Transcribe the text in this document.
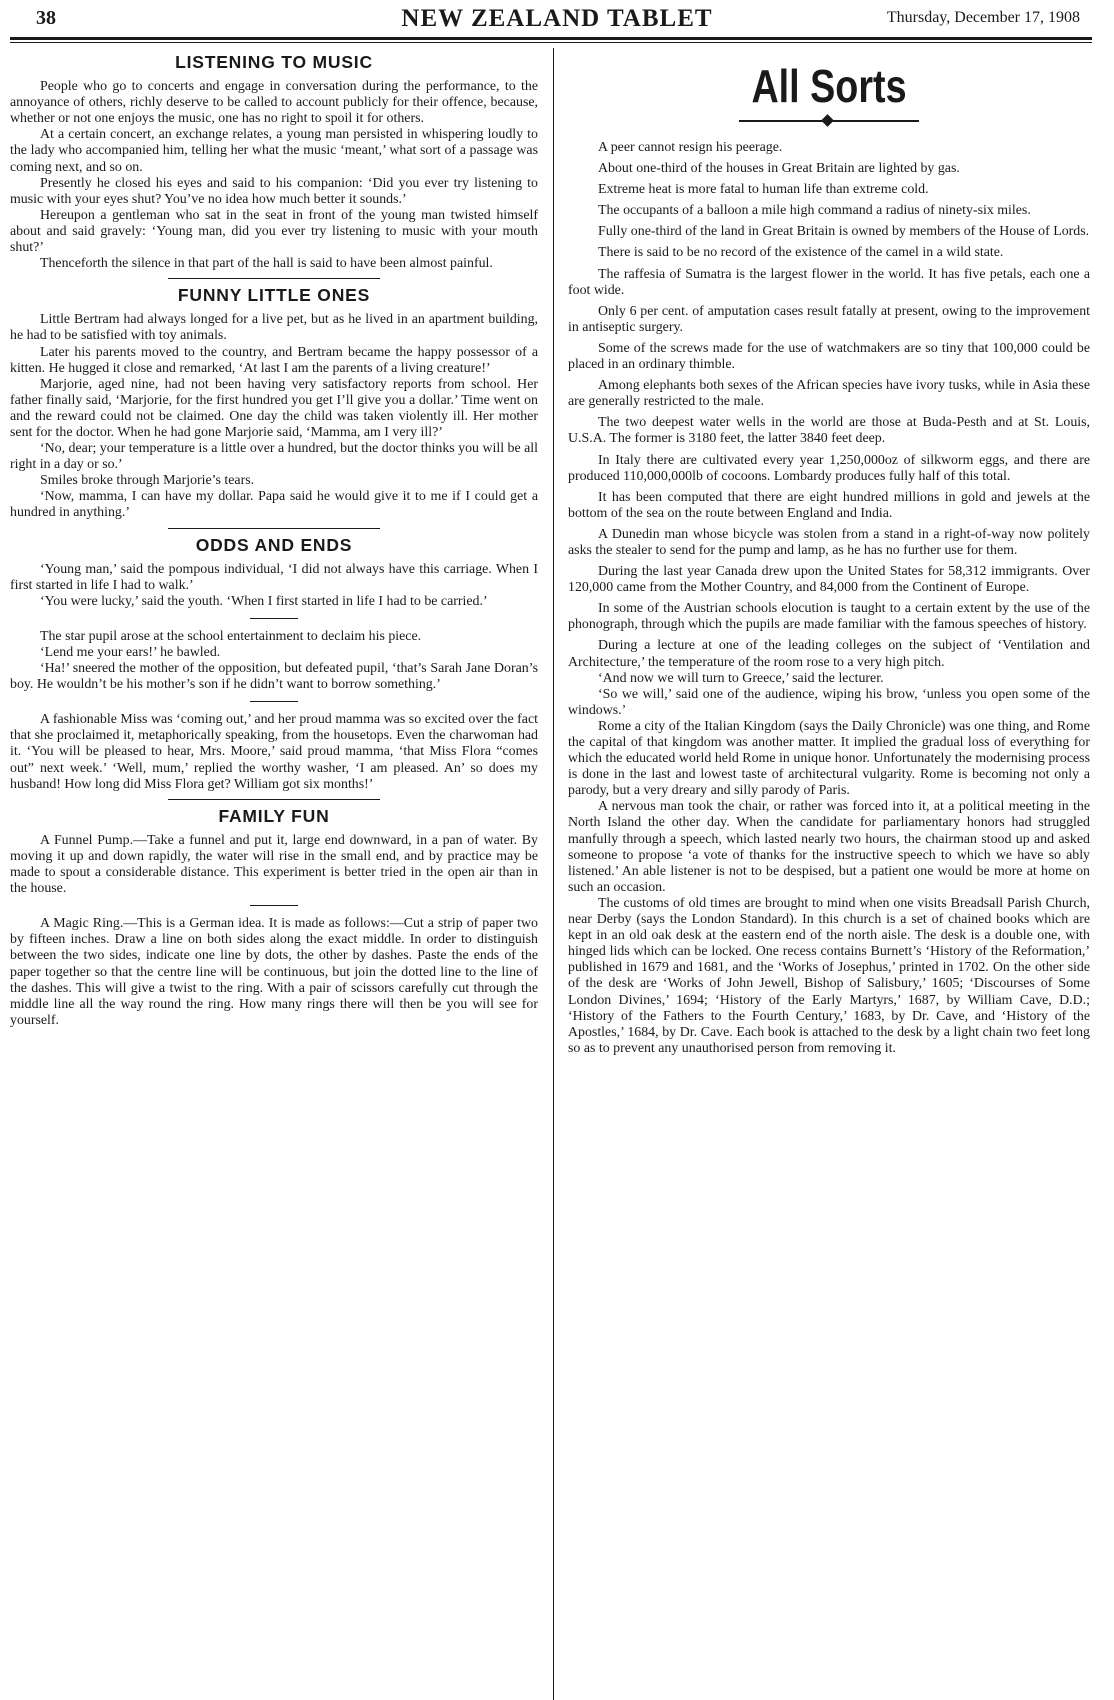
38	NEW ZEALAND TABLET	Thursday, December 17, 1908
LISTENING TO MUSIC

People who go to concerts and engage in conversation during the performance, to the annoyance of others, richly deserve to be called to account publicly for their offence, because, whether or not one enjoys the music, one has no right to spoil it for others.

At a certain concert, an exchange relates, a young man persisted in whispering loudly to the lady who accompanied him, telling her what the music ‘meant,’ what sort of a passage was coming next, and so on.

Presently he closed his eyes and said to his companion: ‘Did you ever try listening to music with your eyes shut? You’ve no idea how much better it sounds.’

Hereupon a gentleman who sat in the seat in front of the young man twisted himself about and said gravely: ‘Young man, did you ever try listening to music with your mouth shut?’

Thenceforth the silence in that part of the hall is said to have been almost painful.

FUNNY LITTLE ONES

Little Bertram had always longed for a live pet, but as he lived in an apartment building, he had to be satisfied with toy animals.

Later his parents moved to the country, and Bertram became the happy possessor of a kitten. He hugged it close and remarked, ‘At last I am the parents of a living creature!’

Marjorie, aged nine, had not been having very satisfactory reports from school. Her father finally said, ‘Marjorie, for the first hundred you get I’ll give you a dollar.’ Time went on and the reward could not be claimed. One day the child was taken violently ill. Her mother sent for the doctor. When he had gone Marjorie said, ‘Mamma, am I very ill?’

‘No, dear; your temperature is a little over a hundred, but the doctor thinks you will be all right in a day or so.’

Smiles broke through Marjorie’s tears.

‘Now, mamma, I can have my dollar. Papa said he would give it to me if I could get a hundred in anything.’

ODDS AND ENDS

‘Young man,’ said the pompous individual, ‘I did not always have this carriage. When I first started in life I had to walk.’

‘You were lucky,’ said the youth. ‘When I first started in life I had to be carried.’

The star pupil arose at the school entertainment to declaim his piece.

‘Lend me your ears!’ he bawled.

‘Ha!’ sneered the mother of the opposition, but defeated pupil, ‘that’s Sarah Jane Doran’s boy. He wouldn’t be his mother’s son if he didn’t want to borrow something.’

A fashionable Miss was ‘coming out,’ and her proud mamma was so excited over the fact that she proclaimed it, metaphorically speaking, from the housetops. Even the charwoman had it. ‘You will be pleased to hear, Mrs. Moore,’ said proud mamma, ‘that Miss Flora “comes out” next week.’ ‘Well, mum,’ replied the worthy washer, ‘I am pleased. An’ so does my husband! How long did Miss Flora get? William got six months!’

FAMILY FUN

A Funnel Pump.—Take a funnel and put it, large end downward, in a pan of water. By moving it up and down rapidly, the water will rise in the small end, and by practice may be made to spout a considerable distance. This experiment is better tried in the open air than in the house.

A Magic Ring.—This is a German idea. It is made as follows:—Cut a strip of paper two by fifteen inches. Draw a line on both sides along the exact middle. In order to distinguish between the two sides, indicate one line by dots, the other by dashes. Paste the ends of the paper together so that the centre line will be continuous, but join the dotted line to the line of the dashes. This will give a twist to the ring. With a pair of scissors carefully cut through the middle line all the way round the ring. How many rings there will then be you will see for yourself.

All Sorts

A peer cannot resign his peerage.

About one-third of the houses in Great Britain are lighted by gas.

Extreme heat is more fatal to human life than extreme cold.

The occupants of a balloon a mile high command a radius of ninety-six miles.

Fully one-third of the land in Great Britain is owned by members of the House of Lords.

There is said to be no record of the existence of the camel in a wild state.

The raffesia of Sumatra is the largest flower in the world. It has five petals, each one a foot wide.

Only 6 per cent. of amputation cases result fatally at present, owing to the improvement in antiseptic surgery.

Some of the screws made for the use of watchmakers are so tiny that 100,000 could be placed in an ordinary thimble.

Among elephants both sexes of the African species have ivory tusks, while in Asia these are generally restricted to the male.

The two deepest water wells in the world are those at Buda-Pesth and at St. Louis, U.S.A. The former is 3180 feet, the latter 3840 feet deep.

In Italy there are cultivated every year 1,250,000oz of silkworm eggs, and there are produced 110,000,000lb of cocoons. Lombardy produces fully half of this total.

It has been computed that there are eight hundred millions in gold and jewels at the bottom of the sea on the route between England and India.

A Dunedin man whose bicycle was stolen from a stand in a right-of-way now politely asks the stealer to send for the pump and lamp, as he has no further use for them.

During the last year Canada drew upon the United States for 58,312 immigrants. Over 120,000 came from the Mother Country, and 84,000 from the Continent of Europe.

In some of the Austrian schools elocution is taught to a certain extent by the use of the phonograph, through which the pupils are made familiar with the famous speeches of history.

During a lecture at one of the leading colleges on the subject of ‘Ventilation and Architecture,’ the temperature of the room rose to a very high pitch.

‘And now we will turn to Greece,’ said the lecturer.

‘So we will,’ said one of the audience, wiping his brow, ‘unless you open some of the windows.’

Rome a city of the Italian Kingdom (says the Daily Chronicle) was one thing, and Rome the capital of that kingdom was another matter. It implied the gradual loss of everything for which the educated world held Rome in unique honor. Unfortunately the modernising process is done in the last and lowest taste of architectural vulgarity. Rome is becoming not only a parody, but a very dreary and silly parody of Paris.

A nervous man took the chair, or rather was forced into it, at a political meeting in the North Island the other day. When the candidate for parliamentary honors had struggled manfully through a speech, which lasted nearly two hours, the chairman stood up and asked someone to propose ‘a vote of thanks for the instructive speech to which we have so ably listened.’ An able listener is not to be despised, but a patient one would be more at home on such an occasion.

The customs of old times are brought to mind when one visits Breadsall Parish Church, near Derby (says the London Standard). In this church is a set of chained books which are kept in an old oak desk at the eastern end of the north aisle. The desk is a double one, with hinged lids which can be locked. One recess contains Burnett’s ‘History of the Reformation,’ published in 1679 and 1681, and the ‘Works of Josephus,’ printed in 1702. On the other side of the desk are ‘Works of John Jewell, Bishop of Salisbury,’ 1605; ‘Discourses of Some London Divines,’ 1694; ‘History of the Early Martyrs,’ 1687, by William Cave, D.D.; ‘History of the Fathers to the Fourth Century,’ 1683, by Dr. Cave, and ‘History of the Apostles,’ 1684, by Dr. Cave. Each book is attached to the desk by a light chain two feet long so as to prevent any unauthorised person from removing it.
